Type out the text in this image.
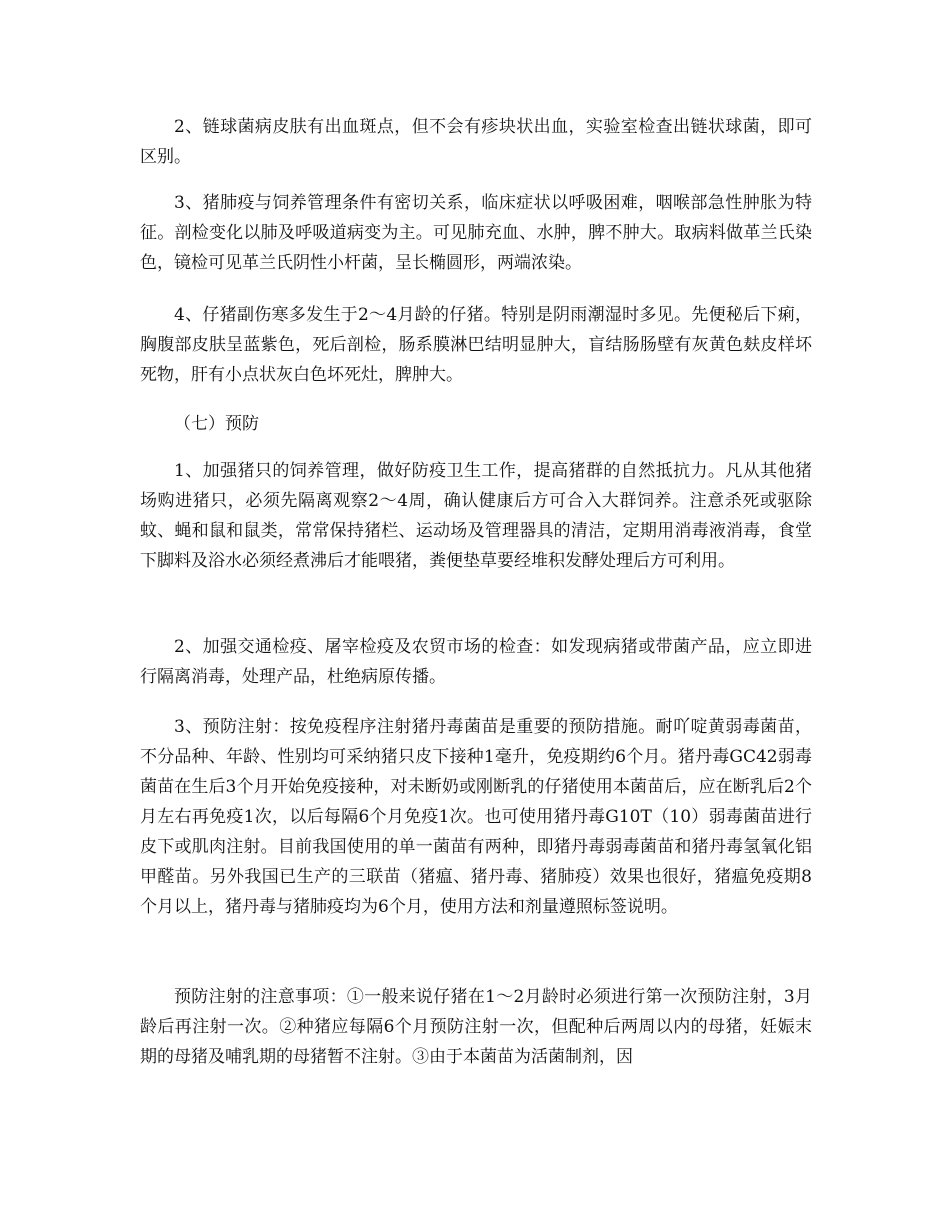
2、链球菌病皮肤有出血斑点，但不会有疹块状出血，实验室检查出链状球菌，即可区别。

3、猪肺疫与饲养管理条件有密切关系，临床症状以呼吸困难，咽喉部急性肿胀为特征。剖检变化以肺及呼吸道病变为主。可见肺充血、水肿，脾不肿大。取病料做革兰氏染色，镜检可见革兰氏阴性小杆菌，呈长椭圆形，两端浓染。

4、仔猪副伤寒多发生于2～4月龄的仔猪。特别是阴雨潮湿时多见。先便秘后下痢，胸腹部皮肤呈蓝紫色，死后剖检，肠系膜淋巴结明显肿大，盲结肠肠壁有灰黄色麸皮样坏死物，肝有小点状灰白色坏死灶，脾肿大。

（七）预防

1、加强猪只的饲养管理，做好防疫卫生工作，提高猪群的自然抵抗力。凡从其他猪场购进猪只，必须先隔离观察2～4周，确认健康后方可合入大群饲养。注意杀死或驱除蚊、蝇和鼠和鼠类，常常保持猪栏、运动场及管理器具的清洁，定期用消毒液消毒，食堂下脚料及浴水必须经煮沸后才能喂猪，粪便垫草要经堆积发酵处理后方可利用。

2、加强交通检疫、屠宰检疫及农贸市场的检查：如发现病猪或带菌产品，应立即进行隔离消毒，处理产品，杜绝病原传播。

3、预防注射：按免疫程序注射猪丹毒菌苗是重要的预防措施。耐吖啶黄弱毒菌苗，不分品种、年龄、性别均可采纳猪只皮下接种1毫升，免疫期约6个月。猪丹毒GC42弱毒菌苗在生后3个月开始免疫接种，对未断奶或刚断乳的仔猪使用本菌苗后，应在断乳后2个月左右再免疫1次，以后每隔6个月免疫1次。也可使用猪丹毒G10T（10）弱毒菌苗进行皮下或肌肉注射。目前我国使用的单一菌苗有两种，即猪丹毒弱毒菌苗和猪丹毒氢氧化铝甲醛苗。另外我国已生产的三联苗（猪瘟、猪丹毒、猪肺疫）效果也很好，猪瘟免疫期8个月以上，猪丹毒与猪肺疫均为6个月，使用方法和剂量遵照标签说明。

预防注射的注意事项：①一般来说仔猪在1～2月龄时必须进行第一次预防注射，3月龄后再注射一次。②种猪应每隔6个月预防注射一次，但配种后两周以内的母猪，妊娠末期的母猪及哺乳期的母猪暂不注射。③由于本菌苗为活菌制剂，因
